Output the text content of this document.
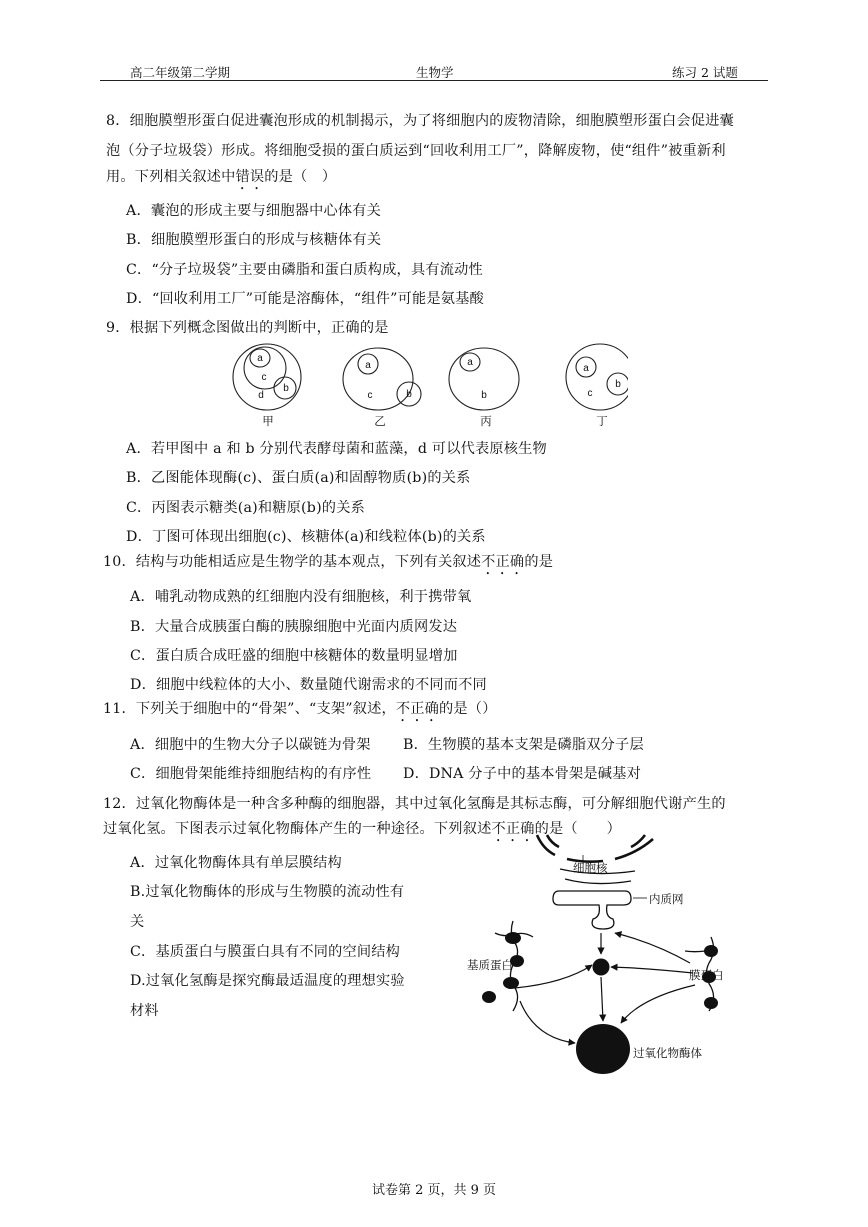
高二年级第二学期	生物学	练习 2 试题
8．细胞膜塑形蛋白促进囊泡形成的机制揭示，为了将细胞内的废物清除，细胞膜塑形蛋白会促进囊
泡（分子垃圾袋）形成。将细胞受损的蛋白质运到“回收利用工厂”，降解废物，使“组件”被重新利
用。下列相关叙述中错误的是（　）
A．囊泡的形成主要与细胞器中心体有关
B．细胞膜塑形蛋白的形成与核糖体有关
C．“分子垃圾袋”主要由磷脂和蛋白质构成，具有流动性
D．“回收利用工厂”可能是溶酶体，“组件”可能是氨基酸
9．根据下列概念图做出的判断中，正确的是
a
c
b
d
a
c	b
a
b
a
c
b
甲	乙	丙	丁
A．若甲图中 a 和 b 分别代表酵母菌和蓝藻，d 可以代表原核生物
B．乙图能体现酶(c)、蛋白质(a)和固醇物质(b)的关系
C．丙图表示糖类(a)和糖原(b)的关系
D．丁图可体现出细胞(c)、核糖体(a)和线粒体(b)的关系
10．结构与功能相适应是生物学的基本观点，下列有关叙述不正确的是
A．哺乳动物成熟的红细胞内没有细胞核，利于携带氧
B．大量合成胰蛋白酶的胰腺细胞中光面内质网发达
C．蛋白质合成旺盛的细胞中核糖体的数量明显增加
D．细胞中线粒体的大小、数量随代谢需求的不同而不同
11．下列关于细胞中的“骨架”、“支架”叙述，不正确的是（）
A．细胞中的生物大分子以碳链为骨架 B．生物膜的基本支架是磷脂双分子层
C．细胞骨架能维持细胞结构的有序性 D．DNA 分子中的基本骨架是碱基对
12．过氧化物酶体是一种含多种酶的细胞器，其中过氧化氢酶是其标志酶，可分解细胞代谢产生的
过氧化氢。下图表示过氧化物酶体产生的一种途径。下列叙述不正确的是（　　）
A．过氧化物酶体具有单层膜结构
B.过氧化物酶体的形成与生物膜的流动性有
关
C．基质蛋白与膜蛋白具有不同的空间结构
D.过氧化氢酶是探究酶最适温度的理想实验
材料
细胞核
内质网
基质蛋白
膜蛋白
过氧化物酶体
试卷第 2 页，共 9 页
